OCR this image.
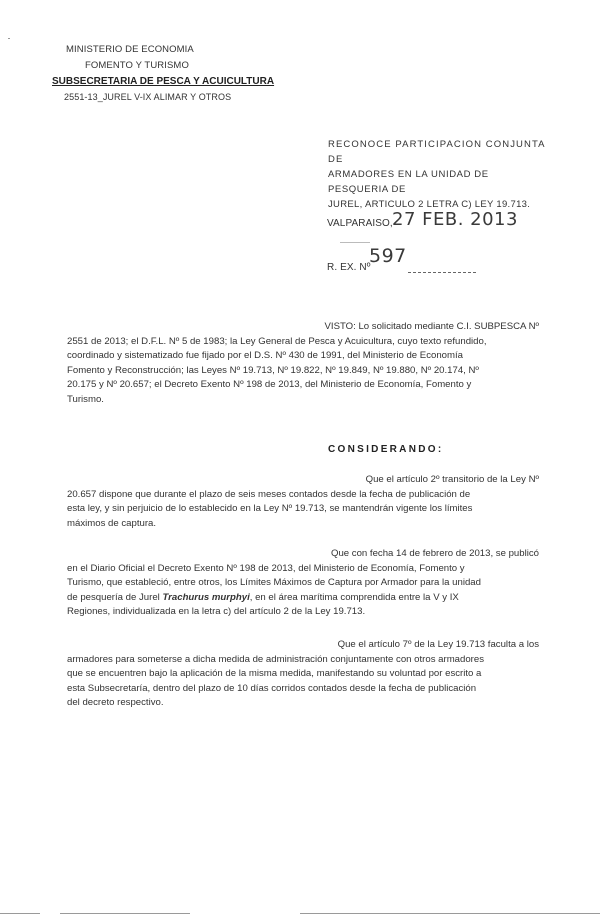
MINISTERIO DE ECONOMIA
FOMENTO Y TURISMO
SUBSECRETARIA DE PESCA Y ACUICULTURA
2551-13_JUREL V-IX ALIMAR Y OTROS
RECONOCE PARTICIPACION CONJUNTA DE
ARMADORES EN LA UNIDAD DE PESQUERIA DE
JUREL, ARTICULO 2 LETRA C) LEY 19.713.
VALPARAISO, 27 FEB. 2013
R. EX. Nº
597
VISTO: Lo solicitado mediante C.I. SUBPESCA Nº
2551 de 2013; el D.F.L. Nº 5 de 1983; la Ley General de Pesca y Acuicultura, cuyo texto refundido,
coordinado y sistematizado fue fijado por el D.S. Nº 430 de 1991, del Ministerio de Economía
Fomento y Reconstrucción; las Leyes Nº 19.713, Nº 19.822, Nº 19.849, Nº 19.880, Nº 20.174, Nº
20.175 y Nº 20.657; el Decreto Exento Nº 198 de 2013, del Ministerio de Economía, Fomento y
Turismo.
CONSIDERANDO:
Que el artículo 2º transitorio de la Ley Nº
20.657 dispone que durante el plazo de seis meses contados desde la fecha de publicación de
esta ley, y sin perjuicio de lo establecido en la Ley Nº 19.713, se mantendrán vigente los límites
máximos de captura.
Que con fecha 14 de febrero de 2013, se publicó
en el Diario Oficial el Decreto Exento Nº 198 de 2013, del Ministerio de Economía, Fomento y
Turismo, que estableció, entre otros, los Límites Máximos de Captura por Armador para la unidad
de pesquería de Jurel Trachurus murphyi, en el área marítima comprendida entre la V y IX
Regiones, individualizada en la letra c) del artículo 2 de la Ley 19.713.
Que el artículo 7º de la Ley 19.713 faculta a los
armadores para someterse a dicha medida de administración conjuntamente con otros armadores
que se encuentren bajo la aplicación de la misma medida, manifestando su voluntad por escrito a
esta Subsecretaría, dentro del plazo de 10 días corridos contados desde la fecha de publicación
del decreto respectivo.
